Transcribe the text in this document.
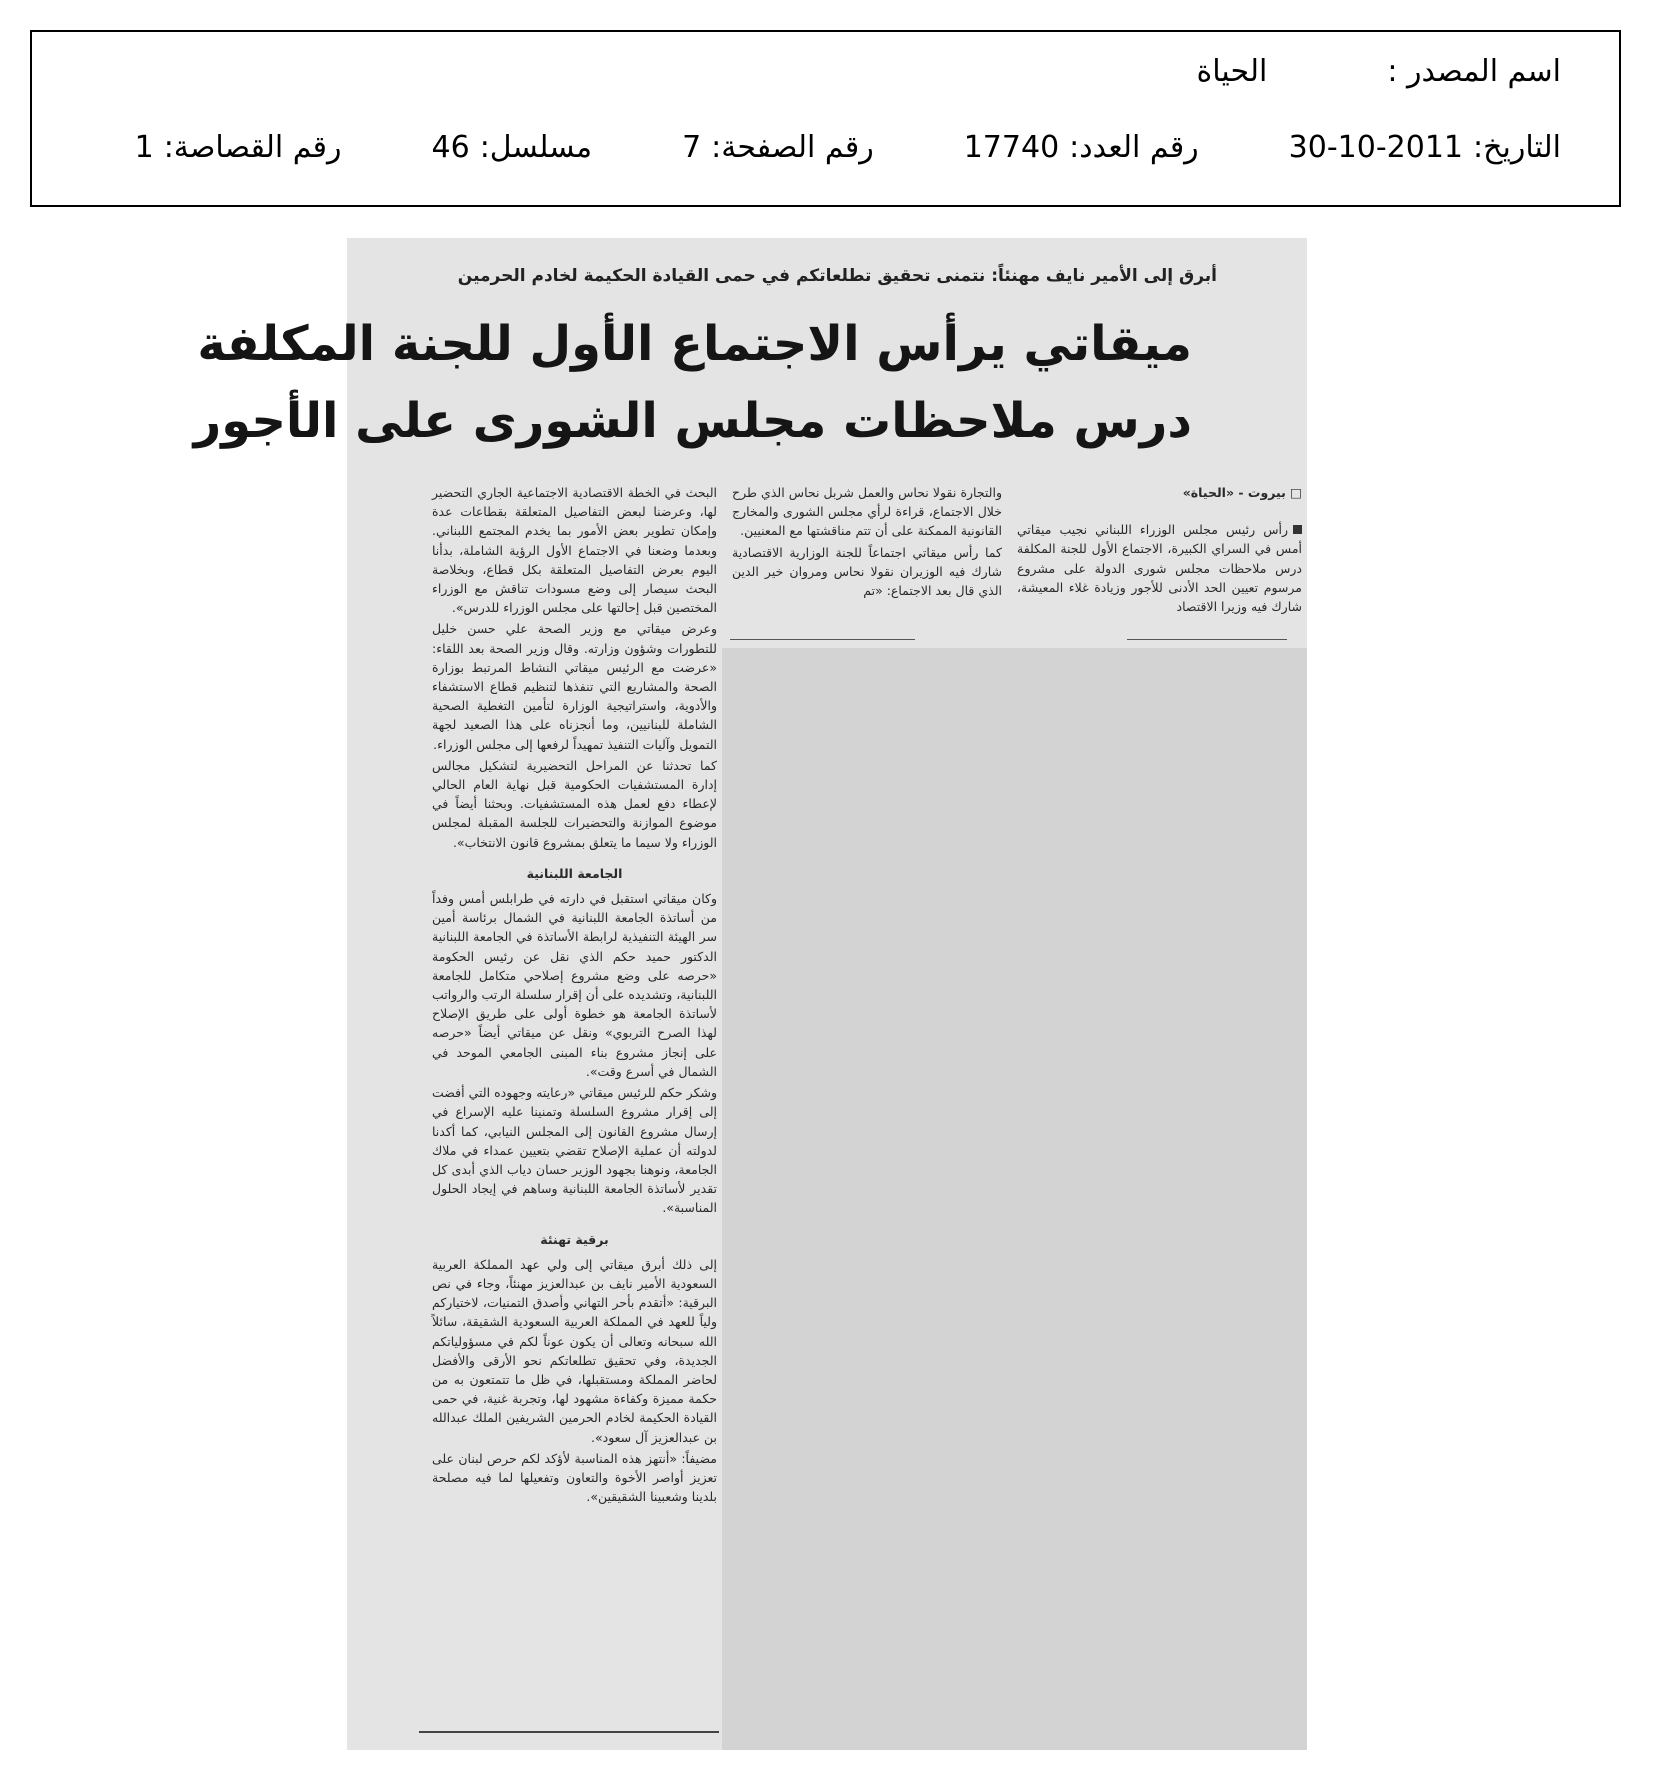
اسم المصدر :
الحياة
التاريخ:
30-10-2011
رقم العدد:
17740
رقم الصفحة:
7
مسلسل:
46
رقم القصاصة:
1
أبرق إلى الأمير نايف مهنئاً: نتمنى تحقيق تطلعاتكم في حمى القيادة الحكيمة لخادم الحرمين
ميقاتي يرأس الاجتماع الأول للجنة المكلفة
درس ملاحظات مجلس الشورى على الأجور

□ بيروت - «الحياة»

رأس رئيس مجلس الوزراء اللبناني نجيب ميقاتي أمس في السراي الكبيرة، الاجتماع الأول للجنة المكلفة درس ملاحظات مجلس شورى الدولة على مشروع مرسوم تعيين الحد الأدنى للأجور وزيادة غلاء المعيشة، شارك فيه وزيرا الاقتصاد

والتجارة نقولا نحاس والعمل شربل نحاس الذي طرح خلال الاجتماع، قراءة لرأي مجلس الشورى والمخارج القانونية الممكنة على أن تتم مناقشتها مع المعنيين.

كما رأس ميقاتي اجتماعاً للجنة الوزارية الاقتصادية شارك فيه الوزيران نقولا نحاس ومروان خير الدين الذي قال بعد الاجتماع: «تم

البحث في الخطة الاقتصادية الاجتماعية الجاري التحضير لها، وعرضنا لبعض التفاصيل المتعلقة بقطاعات عدة وإمكان تطوير بعض الأمور بما يخدم المجتمع اللبناني. وبعدما وضعنا في الاجتماع الأول الرؤية الشاملة، بدأنا اليوم بعرض التفاصيل المتعلقة بكل قطاع، وبخلاصة البحث سيصار إلى وضع مسودات تناقش مع الوزراء المختصين قبل إحالتها على مجلس الوزراء للدرس».

وعرض ميقاتي مع وزير الصحة علي حسن خليل للتطورات وشؤون وزارته. وقال وزير الصحة بعد اللقاء: «عرضت مع الرئيس ميقاتي النشاط المرتبط بوزارة الصحة والمشاريع التي تنفذها لتنظيم قطاع الاستشفاء والأدوية، واستراتيجية الوزارة لتأمين التغطية الصحية الشاملة للبنانيين، وما أنجزناه على هذا الصعيد لجهة التمويل وآليات التنفيذ تمهيداً لرفعها إلى مجلس الوزراء.

كما تحدثنا عن المراحل التحضيرية لتشكيل مجالس إدارة المستشفيات الحكومية قبل نهاية العام الحالي لإعطاء دفع لعمل هذه المستشفيات. وبحثنا أيضاً في موضوع الموازنة والتحضيرات للجلسة المقبلة لمجلس الوزراء ولا سيما ما يتعلق بمشروع قانون الانتخاب».

الجامعة اللبنانية

وكان ميقاتي استقبل في دارته في طرابلس أمس وفداً من أساتذة الجامعة اللبنانية في الشمال برئاسة أمين سر الهيئة التنفيذية لرابطة الأساتذة في الجامعة اللبنانية الدكتور حميد حكم الذي نقل عن رئيس الحكومة «حرصه على وضع مشروع إصلاحي متكامل للجامعة اللبنانية، وتشديده على أن إقرار سلسلة الرتب والرواتب لأساتذة الجامعة هو خطوة أولى على طريق الإصلاح لهذا الصرح التربوي» ونقل عن ميقاتي أيضاً «حرصه على إنجاز مشروع بناء المبنى الجامعي الموحد في الشمال في أسرع وقت».

وشكر حكم للرئيس ميقاتي «رعايته وجهوده التي أفضت إلى إقرار مشروع السلسلة وتمنينا عليه الإسراع في إرسال مشروع القانون إلى المجلس النيابي، كما أكدنا لدولته أن عملية الإصلاح تقضي بتعيين عمداء في ملاك الجامعة، ونوهنا بجهود الوزير حسان دياب الذي أبدى كل تقدير لأساتذة الجامعة اللبنانية وساهم في إيجاد الحلول المناسبة».

برقية تهنئة

إلى ذلك أبرق ميقاتي إلى ولي عهد المملكة العربية السعودية الأمير نايف بن عبدالعزيز مهنئاً، وجاء في نص البرقية: «أتقدم بأحر التهاني وأصدق التمنيات، لاختياركم ولياً للعهد في المملكة العربية السعودية الشقيقة، سائلاً الله سبحانه وتعالى أن يكون عوناً لكم في مسؤولياتكم الجديدة، وفي تحقيق تطلعاتكم نحو الأرقى والأفضل لحاضر المملكة ومستقبلها، في ظل ما تتمتعون به من حكمة مميزة وكفاءة مشهود لها، وتجربة غنية، في حمى القيادة الحكيمة لخادم الحرمين الشريفين الملك عبدالله بن عبدالعزيز آل سعود».

مضيفاً: «أنتهز هذه المناسبة لأؤكد لكم حرص لبنان على تعزيز أواصر الأخوة والتعاون وتفعيلها لما فيه مصلحة بلدينا وشعبينا الشقيقين».
